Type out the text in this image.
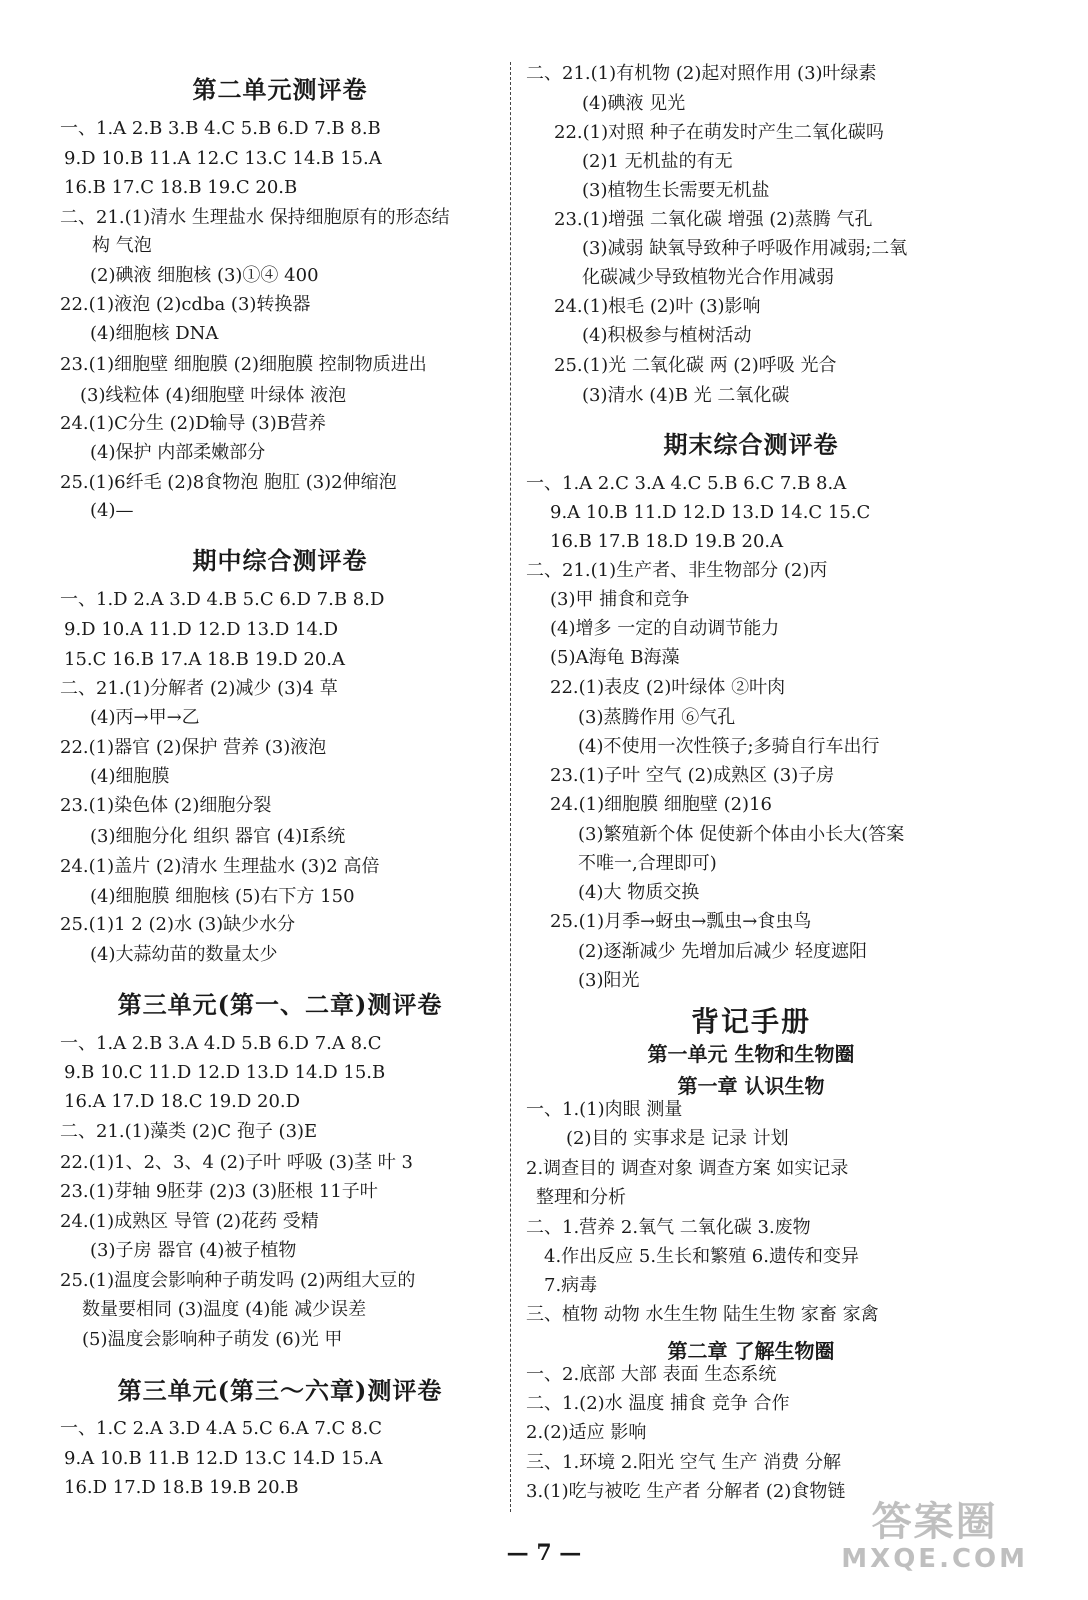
第二单元测评卷
一、1.A 2.B 3.B 4.C 5.B 6.D 7.B 8.B
9.D 10.B 11.A 12.C 13.C 14.B 15.A
16.B 17.C 18.B 19.C 20.B
二、21.(1)清水 生理盐水 保持细胞原有的形态结
构 气泡
(2)碘液 细胞核 (3)①④ 400
22.(1)液泡 (2)cdba (3)转换器
(4)细胞核 DNA
23.(1)细胞壁 细胞膜 (2)细胞膜 控制物质进出
(3)线粒体 (4)细胞壁 叶绿体 液泡
24.(1)C分生 (2)D输导 (3)B营养
(4)保护 内部柔嫩部分
25.(1)6纤毛 (2)8食物泡 胞肛 (3)2伸缩泡
(4)—
期中综合测评卷
一、1.D 2.A 3.D 4.B 5.C 6.D 7.B 8.D
9.D 10.A 11.D 12.D 13.D 14.D
15.C 16.B 17.A 18.B 19.D 20.A
二、21.(1)分解者 (2)减少 (3)4 草
(4)丙→甲→乙
22.(1)器官 (2)保护 营养 (3)液泡
(4)细胞膜
23.(1)染色体 (2)细胞分裂
(3)细胞分化 组织 器官 (4)Ⅰ系统
24.(1)盖片 (2)清水 生理盐水 (3)2 高倍
(4)细胞膜 细胞核 (5)右下方 150
25.(1)1 2 (2)水 (3)缺少水分
(4)大蒜幼苗的数量太少
第三单元(第一、二章)测评卷
一、1.A 2.B 3.A 4.D 5.B 6.D 7.A 8.C
9.B 10.C 11.D 12.D 13.D 14.D 15.B
16.A 17.D 18.C 19.D 20.D
二、21.(1)藻类 (2)C 孢子 (3)E
22.(1)1、2、3、4 (2)子叶 呼吸 (3)茎 叶 3
23.(1)芽轴 9胚芽 (2)3 (3)胚根 11子叶
24.(1)成熟区 导管 (2)花药 受精
(3)子房 器官 (4)被子植物
25.(1)温度会影响种子萌发吗 (2)两组大豆的
数量要相同 (3)温度 (4)能 减少误差
(5)温度会影响种子萌发 (6)光 甲
第三单元(第三～六章)测评卷
一、1.C 2.A 3.D 4.A 5.C 6.A 7.C 8.C
9.A 10.B 11.B 12.D 13.C 14.D 15.A
16.D 17.D 18.B 19.B 20.B
二、21.(1)有机物 (2)起对照作用 (3)叶绿素
(4)碘液 见光
22.(1)对照 种子在萌发时产生二氧化碳吗
(2)1 无机盐的有无
(3)植物生长需要无机盐
23.(1)增强 二氧化碳 增强 (2)蒸腾 气孔
(3)减弱 缺氧导致种子呼吸作用减弱;二氧
化碳减少导致植物光合作用减弱
24.(1)根毛 (2)叶 (3)影响
(4)积极参与植树活动
25.(1)光 二氧化碳 两 (2)呼吸 光合
(3)清水 (4)B 光 二氧化碳
期末综合测评卷
一、1.A 2.C 3.A 4.C 5.B 6.C 7.B 8.A
9.A 10.B 11.D 12.D 13.D 14.C 15.C
16.B 17.B 18.D 19.B 20.A
二、21.(1)生产者、非生物部分 (2)丙
(3)甲 捕食和竞争
(4)增多 一定的自动调节能力
(5)A海龟 B海藻
22.(1)表皮 (2)叶绿体 ②叶肉
(3)蒸腾作用 ⑥气孔
(4)不使用一次性筷子;多骑自行车出行
23.(1)子叶 空气 (2)成熟区 (3)子房
24.(1)细胞膜 细胞壁 (2)16
(3)繁殖新个体 促使新个体由小长大(答案
不唯一,合理即可)
(4)大 物质交换
25.(1)月季→蚜虫→瓢虫→食虫鸟
(2)逐渐减少 先增加后减少 轻度遮阳
(3)阳光
背记手册
第一单元 生物和生物圈
第一章 认识生物
一、1.(1)肉眼 测量
(2)目的 实事求是 记录 计划
2.调查目的 调查对象 调查方案 如实记录
整理和分析
二、1.营养 2.氧气 二氧化碳 3.废物
4.作出反应 5.生长和繁殖 6.遗传和变异
7.病毒
三、植物 动物 水生生物 陆生生物 家畜 家禽
第二章 了解生物圈
一、2.底部 大部 表面 生态系统
二、1.(2)水 温度 捕食 竞争 合作
2.(2)适应 影响
三、1.环境 2.阳光 空气 生产 消费 分解
3.(1)吃与被吃 生产者 分解者 (2)食物链
— 7 —
答案圈
MXQE.COM
